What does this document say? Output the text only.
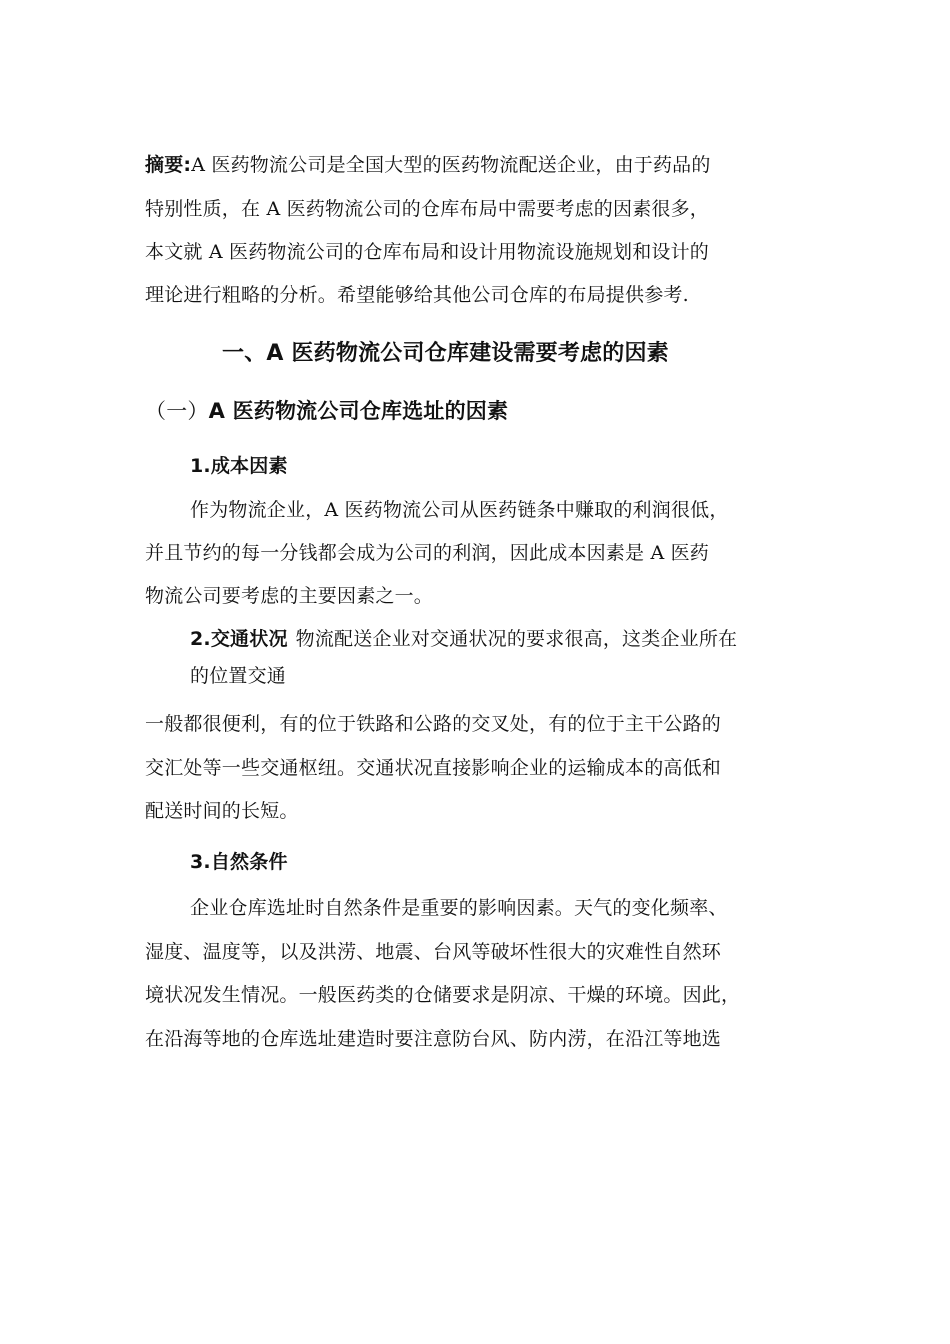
摘要:A 医药物流公司是全国大型的医药物流配送企业，由于药品的
特别性质，在 A 医药物流公司的仓库布局中需要考虑的因素很多，
本文就 A 医药物流公司的仓库布局和设计用物流设施规划和设计的
理论进行粗略的分析。希望能够给其他公司仓库的布局提供参考.
一、A 医药物流公司仓库建设需要考虑的因素
（一）A 医药物流公司仓库选址的因素
1.成本因素
作为物流企业，A 医药物流公司从医药链条中赚取的利润很低，
并且节约的每一分钱都会成为公司的利润，因此成本因素是 A 医药
物流公司要考虑的主要因素之一。
2.交通状况 物流配送企业对交通状况的要求很高，这类企业所在
的位置交通
一般都很便利，有的位于铁路和公路的交叉处，有的位于主干公路的
交汇处等一些交通枢纽。交通状况直接影响企业的运输成本的高低和
配送时间的长短。
3.自然条件
企业仓库选址时自然条件是重要的影响因素。天气的变化频率、
湿度、温度等，以及洪涝、地震、台风等破坏性很大的灾难性自然环
境状况发生情况。一般医药类的仓储要求是阴凉、干燥的环境。因此，
在沿海等地的仓库选址建造时要注意防台风、防内涝，在沿江等地选
